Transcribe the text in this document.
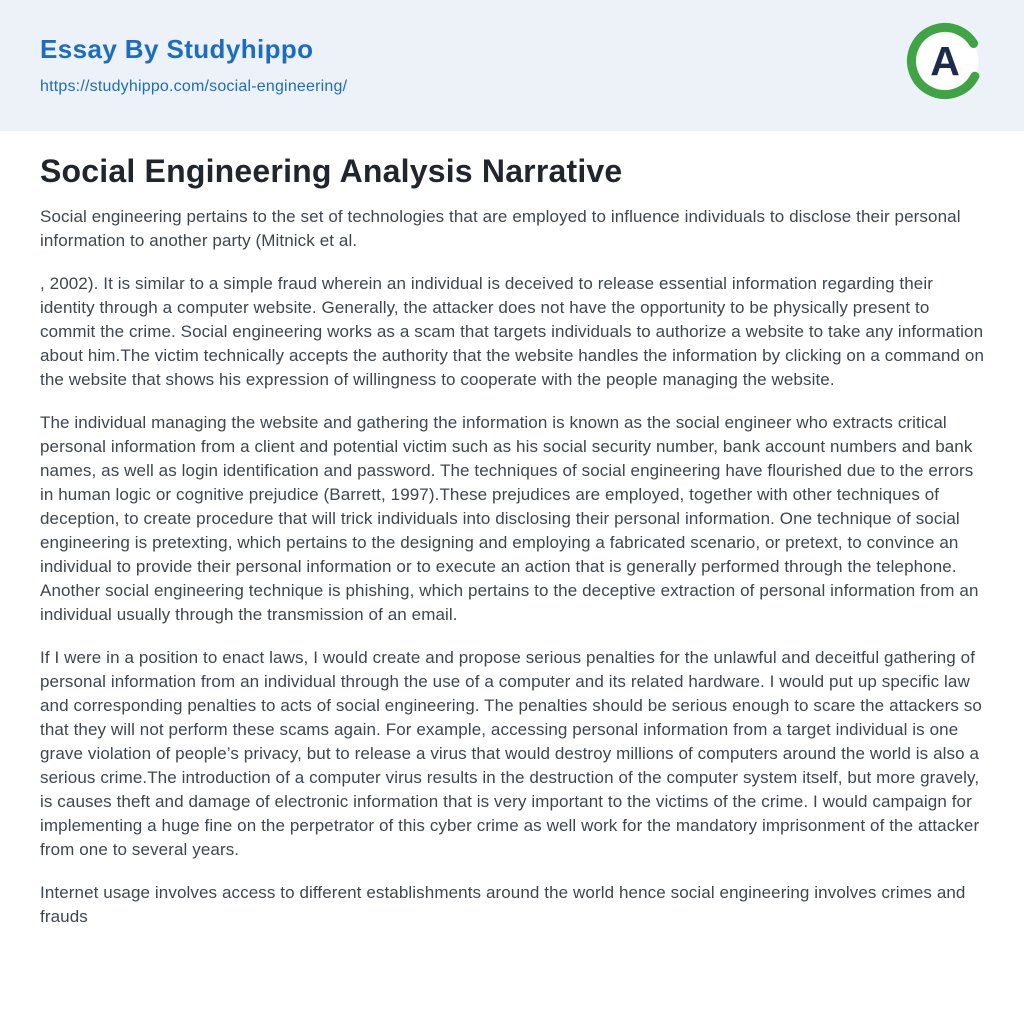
Essay By Studyhippo
https://studyhippo.com/social-engineering/
A
Social Engineering Analysis Narrative

Social engineering pertains to the set of technologies that are employed to influence individuals to disclose their personal information to another party (Mitnick et al.

, 2002). It is similar to a simple fraud wherein an individual is deceived to release essential information regarding their identity through a computer website. Generally, the attacker does not have the opportunity to be physically present to commit the crime. Social engineering works as a scam that targets individuals to authorize a website to take any information about him.The victim technically accepts the authority that the website handles the information by clicking on a command on the website that shows his expression of willingness to cooperate with the people managing the website.

The individual managing the website and gathering the information is known as the social engineer who extracts critical personal information from a client and potential victim such as his social security number, bank account numbers and bank names, as well as login identification and password. The techniques of social engineering have flourished due to the errors in human logic or cognitive prejudice (Barrett, 1997).These prejudices are employed, together with other techniques of deception, to create procedure that will trick individuals into disclosing their personal information. One technique of social engineering is pretexting, which pertains to the designing and employing a fabricated scenario, or pretext, to convince an individual to provide their personal information or to execute an action that is generally performed through the telephone. Another social engineering technique is phishing, which pertains to the deceptive extraction of personal information from an individual usually through the transmission of an email.

If I were in a position to enact laws, I would create and propose serious penalties for the unlawful and deceitful gathering of personal information from an individual through the use of a computer and its related hardware. I would put up specific law and corresponding penalties to acts of social engineering. The penalties should be serious enough to scare the attackers so that they will not perform these scams again. For example, accessing personal information from a target individual is one grave violation of people’s privacy, but to release a virus that would destroy millions of computers around the world is also a serious crime.The introduction of a computer virus results in the destruction of the computer system itself, but more gravely, is causes theft and damage of electronic information that is very important to the victims of the crime. I would campaign for implementing a huge fine on the perpetrator of this cyber crime as well work for the mandatory imprisonment of the attacker from one to several years.

Internet usage involves access to different establishments around the world hence social engineering involves crimes and frauds
